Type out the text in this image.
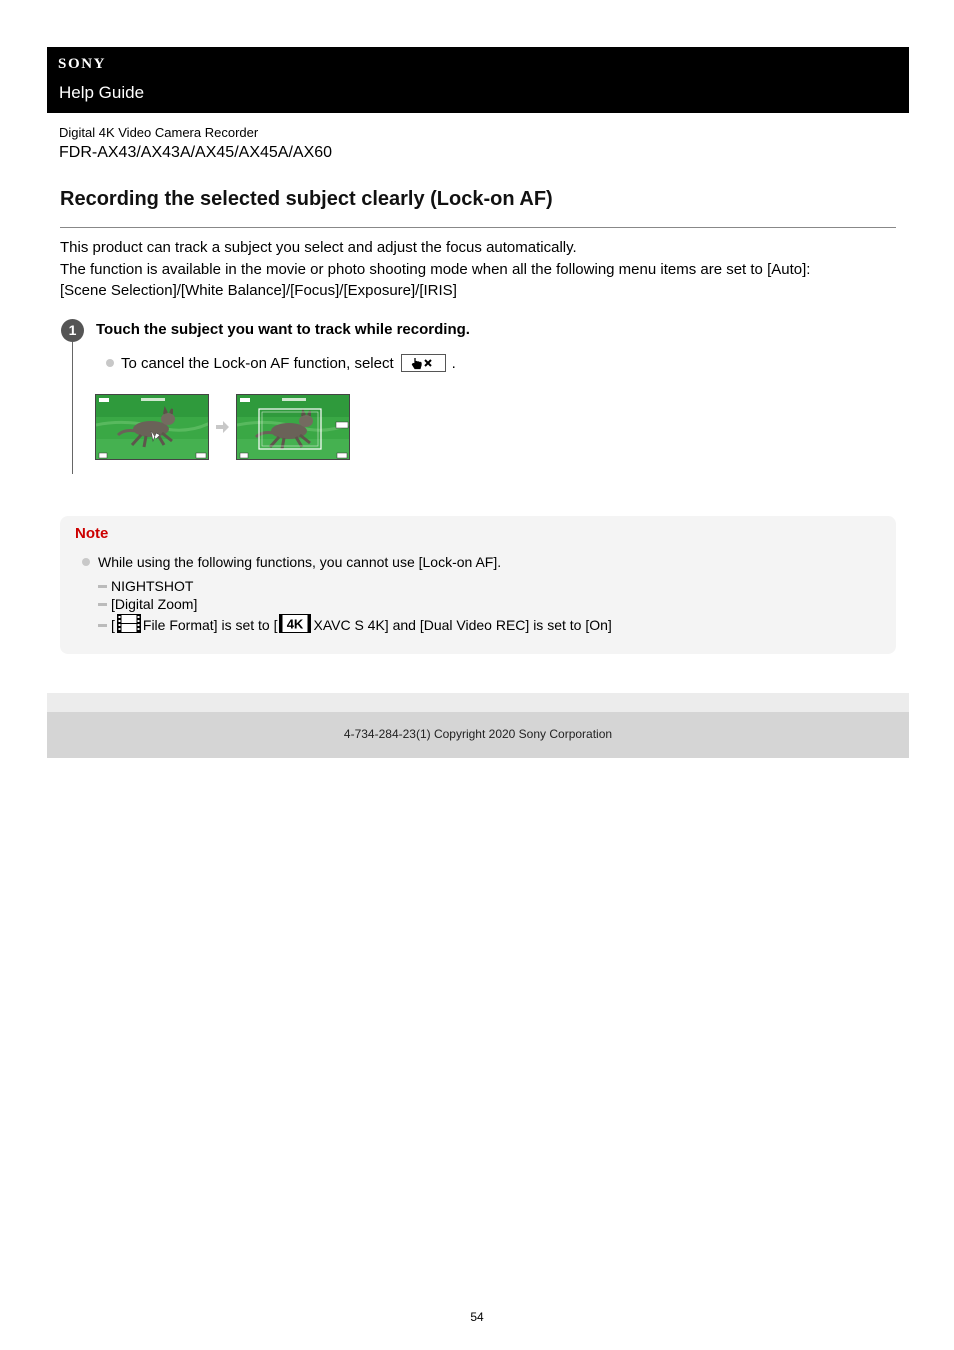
SONY
Help Guide
Digital 4K Video Camera Recorder
FDR-AX43/AX43A/AX45/AX45A/AX60
Recording the selected subject clearly (Lock-on AF)

This product can track a subject you select and adjust the focus automatically.

The function is available in the movie or photo shooting mode when all the following menu items are set to [Auto]:

[Scene Selection]/[White Balance]/[Focus]/[Exposure]/[IRIS]

1	Touch the subject you want to track while recording.
To cancel the Lock-on AF function, select	.
Note
While using the following functions, you cannot use [Lock-on AF].
NIGHTSHOT
[Digital Zoom]
[ File Format] is set to [ 4K XAVC S 4K] and [Dual Video REC] is set to [On]
4-734-284-23(1) Copyright 2020 Sony Corporation
54
